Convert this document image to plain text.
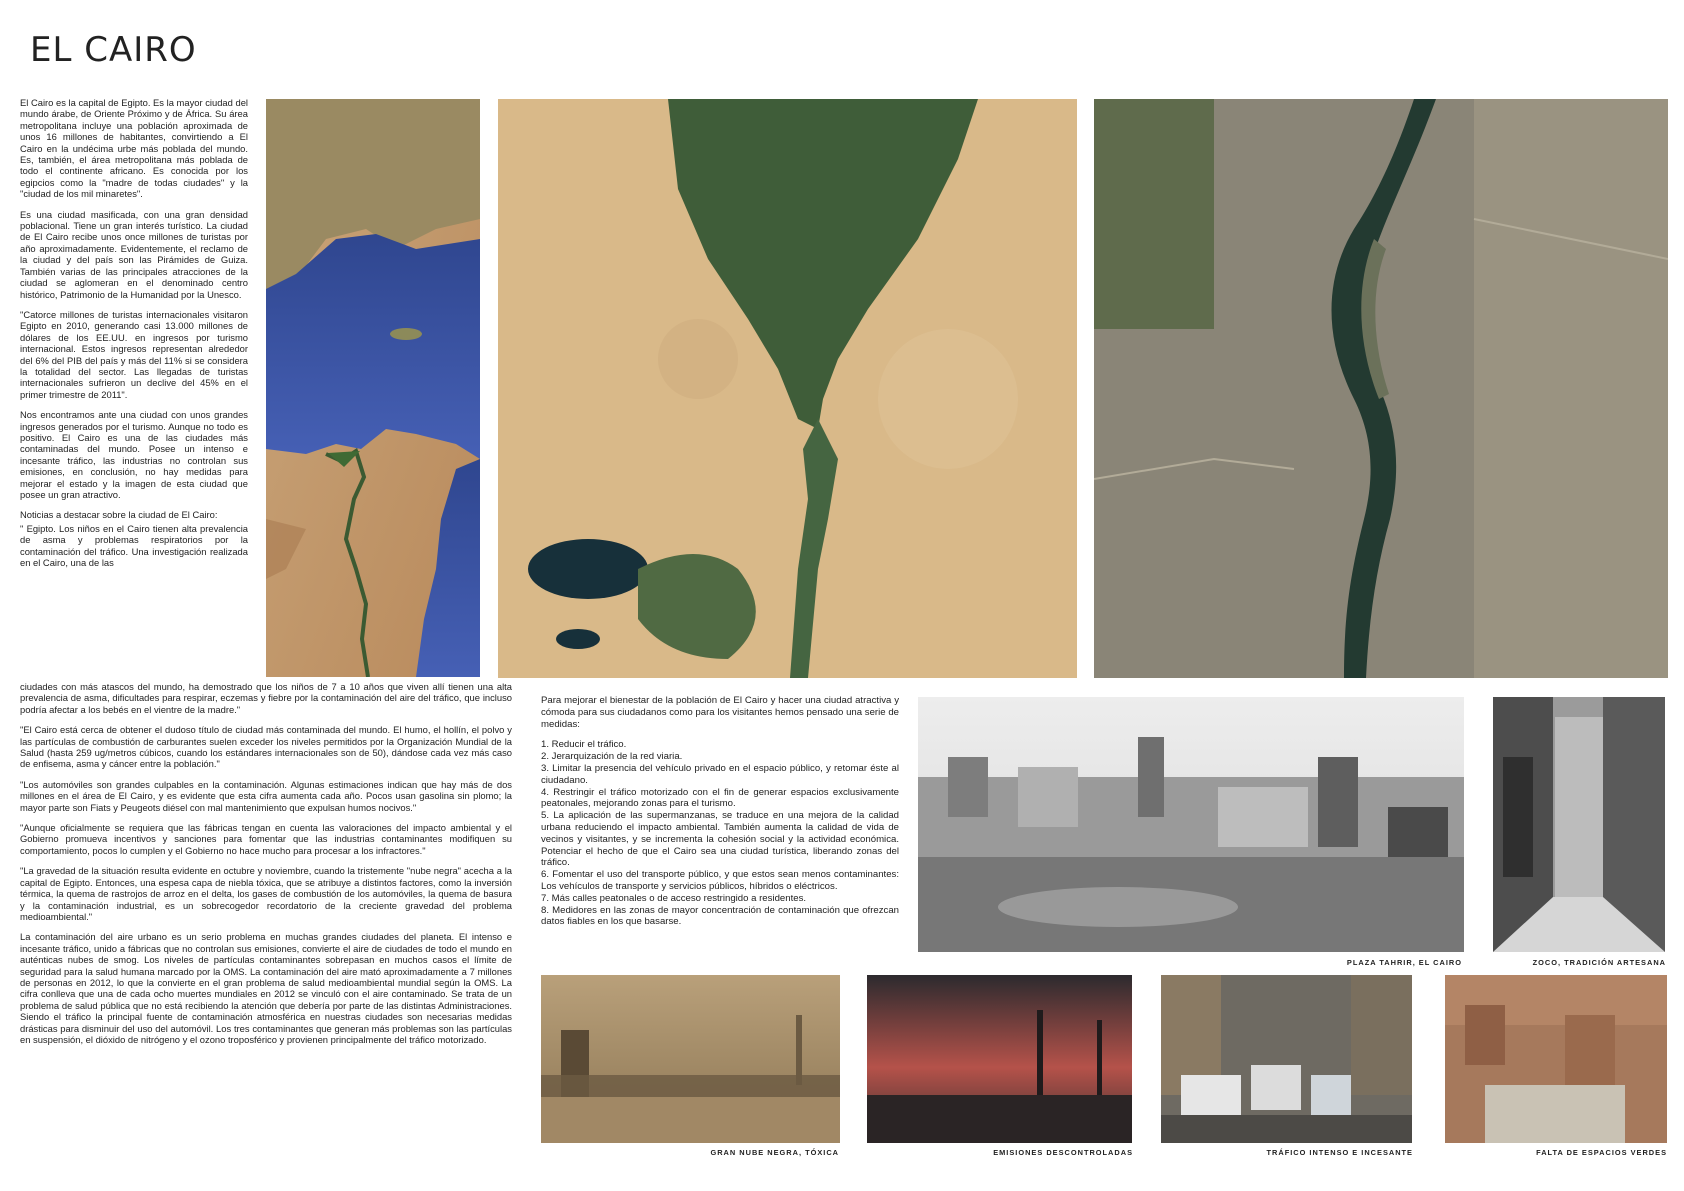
EL CAIRO

El Cairo es la capital de Egipto. Es la mayor ciudad del mundo árabe, de Oriente Próximo y de África. Su área metropolitana incluye una población aproximada de unos 16 millones de habitantes, convirtiendo a El Cairo en la undécima urbe más poblada del mundo. Es, también, el área metropolitana más poblada de todo el continente africano. Es conocida por los egipcios como la "madre de todas ciudades" y la "ciudad de los mil minaretes".

Es una ciudad masificada, con una gran densidad poblacional. Tiene un gran interés turístico. La ciudad de El Cairo recibe unos once millones de turistas por año aproximadamente. Evidentemente, el reclamo de la ciudad y del país son las Pirámides de Guiza. También varias de las principales atracciones de la ciudad se aglomeran en el denominado centro histórico, Patrimonio de la Humanidad por la Unesco.

"Catorce millones de turistas internacionales visitaron Egipto en 2010, generando casi 13.000 millones de dólares de los EE.UU. en ingresos por turismo internacional. Estos ingresos representan alrededor del 6% del PIB del país y más del 11% si se considera la totalidad del sector. Las llegadas de turistas internacionales sufrieron un declive del 45% en el primer trimestre de 2011".

Nos encontramos ante una ciudad con unos grandes ingresos generados por el turismo. Aunque no todo es positivo. El Cairo es una de las ciudades más contaminadas del mundo. Posee un intenso e incesante tráfico, las industrias no controlan sus emisiones, en conclusión, no hay medidas para mejorar el estado y la imagen de esta ciudad que posee un gran atractivo.

Noticias a destacar sobre la ciudad de El Cairo:

" Egipto. Los niños en el Cairo tienen alta prevalencia de asma y problemas respiratorios por la contaminación del tráfico. Una investigación realizada en el Cairo, una de las

ciudades con más atascos del mundo, ha demostrado que los niños de 7 a 10 años que viven allí tienen una alta prevalencia de asma, dificultades para respirar, eczemas y fiebre por la contaminación del aire del tráfico, que incluso podría afectar a los bebés en el vientre de la madre."

"El Cairo está cerca de obtener el dudoso título de ciudad más contaminada del mundo. El humo, el hollín, el polvo y las partículas de combustión de carburantes suelen exceder los niveles permitidos por la Organización Mundial de la Salud (hasta 259 ug/metros cúbicos, cuando los estándares internacionales son de 50), dándose cada vez más caso de enfisema, asma y cáncer entre la población."

"Los automóviles son grandes culpables en la contaminación. Algunas estimaciones indican que hay más de dos millones en el área de El Cairo, y es evidente que esta cifra aumenta cada año. Pocos usan gasolina sin plomo; la mayor parte son Fiats y Peugeots diésel con mal mantenimiento que expulsan humos nocivos."

"Aunque oficialmente se requiera que las fábricas tengan en cuenta las valoraciones del impacto ambiental y el Gobierno promueva incentivos y sanciones para fomentar que las industrias contaminantes modifiquen su comportamiento, pocos lo cumplen y el Gobierno no hace mucho para procesar a los infractores."

"La gravedad de la situación resulta evidente en octubre y noviembre, cuando la tristemente "nube negra" acecha a la capital de Egipto. Entonces, una espesa capa de niebla tóxica, que se atribuye a distintos factores, como la inversión térmica, la quema de rastrojos de arroz en el delta, los gases de combustión de los automóviles, la quema de basura y la contaminación industrial, es un sobrecogedor recordatorio de la creciente gravedad del problema medioambiental."

La contaminación del aire urbano es un serio problema en muchas grandes ciudades del planeta. El intenso e incesante tráfico, unido a fábricas que no controlan sus emisiones, convierte el aire de ciudades de todo el mundo en auténticas nubes de smog. Los niveles de partículas contaminantes sobrepasan en muchos casos el límite de seguridad para la salud humana marcado por la OMS. La contaminación del aire mató aproximadamente a 7 millones de personas en 2012, lo que la convierte en el gran problema de salud medioambiental mundial según la OMS. La cifra conlleva que una de cada ocho muertes mundiales en 2012 se vinculó con el aire contaminado. Se trata de un problema de salud pública que no está recibiendo la atención que debería por parte de las distintas Administraciones. Siendo el tráfico la principal fuente de contaminación atmosférica en nuestras ciudades son necesarias medidas drásticas para disminuir del uso del automóvil. Los tres contaminantes que generan más problemas son las partículas en suspensión, el dióxido de nitrógeno y el ozono troposférico y provienen principalmente del tráfico motorizado.

Para mejorar el bienestar de la población de El Cairo y hacer una ciudad atractiva y cómoda para sus ciudadanos como para los visitantes hemos pensado una serie de medidas:

1. Reducir el tráfico.
2. Jerarquización de la red viaria.
3. Limitar la presencia del vehículo privado en el espacio público, y retomar éste al ciudadano.
4. Restringir el tráfico motorizado con el fin de generar espacios exclusivamente peatonales, mejorando zonas para el turismo.
5. La aplicación de las supermanzanas, se traduce en una mejora de la calidad urbana reduciendo el impacto ambiental. También aumenta la calidad de vida de vecinos y visitantes, y se incrementa la cohesión social y la actividad económica. Potenciar el hecho de que el Cairo sea una ciudad turística, liberando zonas del tráfico.
6. Fomentar el uso del transporte público, y que estos sean menos contaminantes: Los vehículos de transporte y servicios públicos, híbridos o eléctricos.
7. Más calles peatonales o de acceso restringido a residentes.
8. Medidores en las zonas de mayor concentración de contaminación que ofrezcan datos fiables en los que basarse.
PLAZA TAHRIR, EL CAIRO	ZOCO, TRADICIÓN ARTESANA
GRAN NUBE NEGRA, TÓXICA	EMISIONES DESCONTROLADAS	TRÁFICO INTENSO E INCESANTE	FALTA DE ESPACIOS VERDES
